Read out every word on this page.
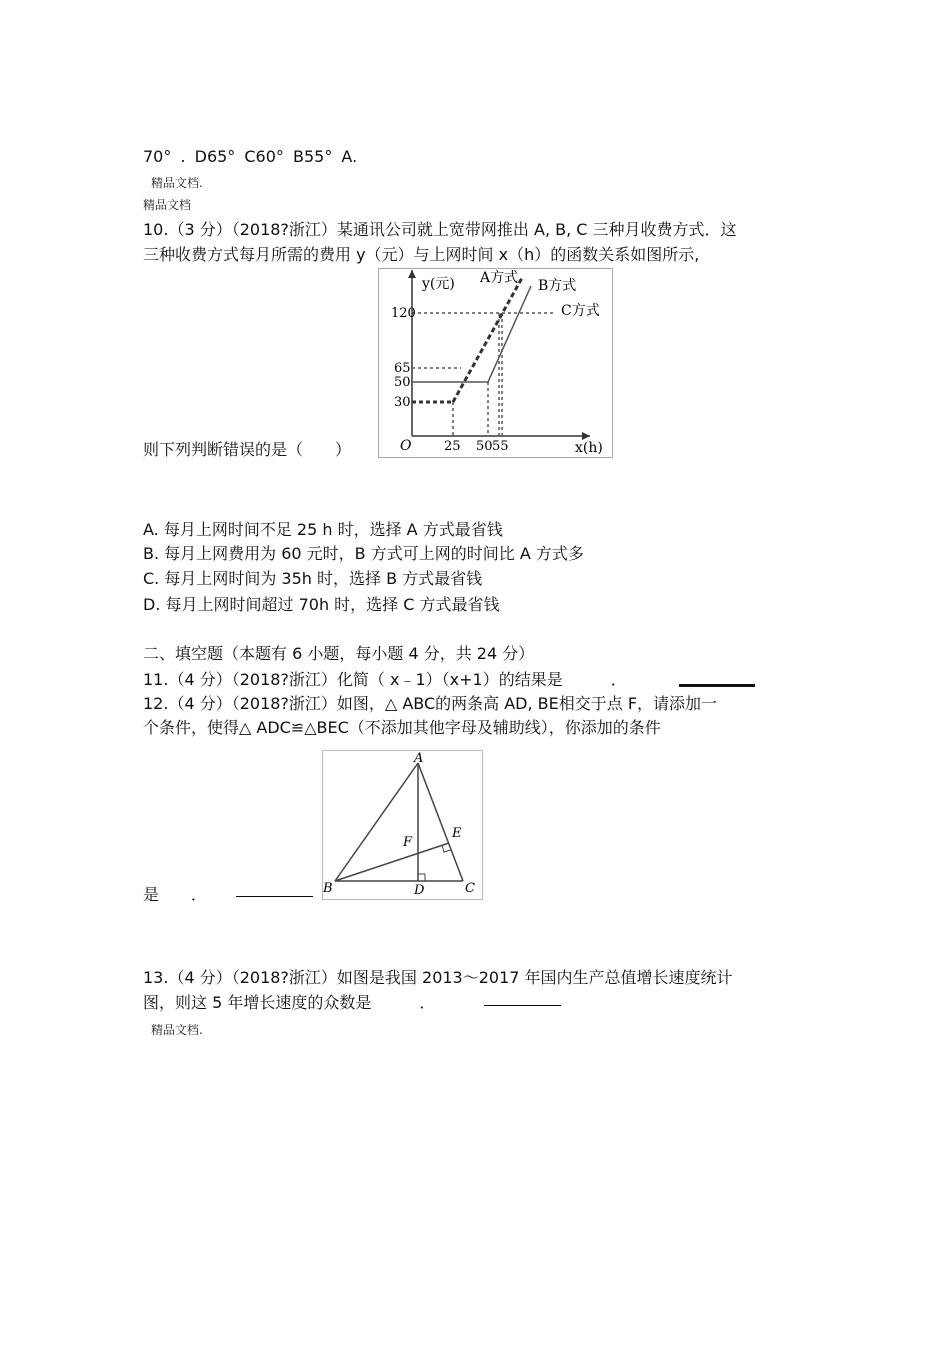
70° . D65° C60° B55° A.
精品文档.
精品文档
10.（3 分）（2018?浙江）某通讯公司就上宽带网推出 A, B, C 三种月收费方式．这
三种收费方式每月所需的费用 y（元）与上网时间 x（h）的函数关系如图所示,
y(元)
x(h)
O
120
65
50
30
25 50 55
A方式 B方式
C方式
则下列判断错误的是（　　）
A. 每月上网时间不足 25 h 时，选择 A 方式最省钱
B. 每月上网费用为 60 元时，B 方式可上网的时间比 A 方式多
C. 每月上网时间为 35h 时，选择 B 方式最省钱
D. 每月上网时间超过 70h 时，选择 C 方式最省钱
二、填空题（本题有 6 小题，每小题 4 分，共 24 分）
11.（4 分）（2018?浙江）化简（ x﹣1）（x+1）的结果是　　　．
12.（4 分）（2018?浙江）如图，△ ABC的两条高 AD, BE相交于点 F，请添加一
个条件，使得△ ADC≌△BEC（不添加其他字母及辅助线），你添加的条件
A
B	C
D
E
F
是　　．
13.（4 分）（2018?浙江）如图是我国 2013～2017 年国内生产总值增长速度统计
图，则这 5 年增长速度的众数是　　　．
精品文档.
